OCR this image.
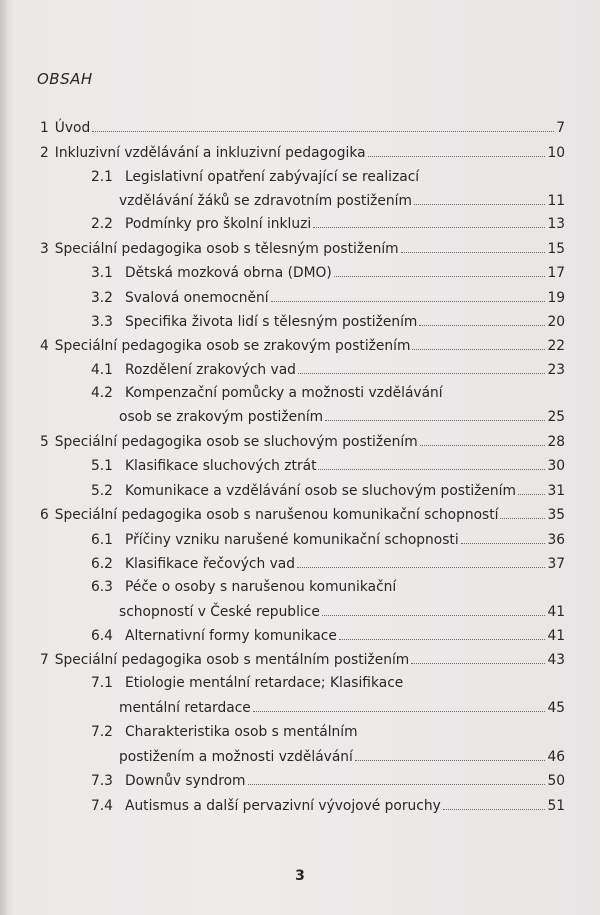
OBSAH
1 Úvod	7
2 Inkluzivní vzdělávání a inkluzivní pedagogika	10
2.1 Legislativní opatření zabývající se realizací
vzdělávání žáků se zdravotním postižením	11
2.2 Podmínky pro školní inkluzi	13
3 Speciální pedagogika osob s tělesným postižením	15
3.1 Dětská mozková obrna (DMO)	17
3.2 Svalová onemocnění	19
3.3 Specifika života lidí s tělesným postižením	20
4 Speciální pedagogika osob se zrakovým postižením	22
4.1 Rozdělení zrakových vad	23
4.2 Kompenzační pomůcky a možnosti vzdělávání
osob se zrakovým postižením	25
5 Speciální pedagogika osob se sluchovým postižením	28
5.1 Klasifikace sluchových ztrát	30
5.2 Komunikace a vzdělávání osob se sluchovým postižením 31
6 Speciální pedagogika osob s narušenou komunikační schopností	35
6.1 Příčiny vzniku narušené komunikační schopnosti	36
6.2 Klasifikace řečových vad	37
6.3 Péče o osoby s narušenou komunikační
schopností v České republice	41
6.4 Alternativní formy komunikace	41
7 Speciální pedagogika osob s mentálním postižením	43
7.1 Etiologie mentální retardace; Klasifikace
mentální retardace	45
7.2 Charakteristika osob s mentálním
postižením a možnosti vzdělávání	46
7.3 Downův syndrom	50
7.4 Autismus a další pervazivní vývojové poruchy	51
3
